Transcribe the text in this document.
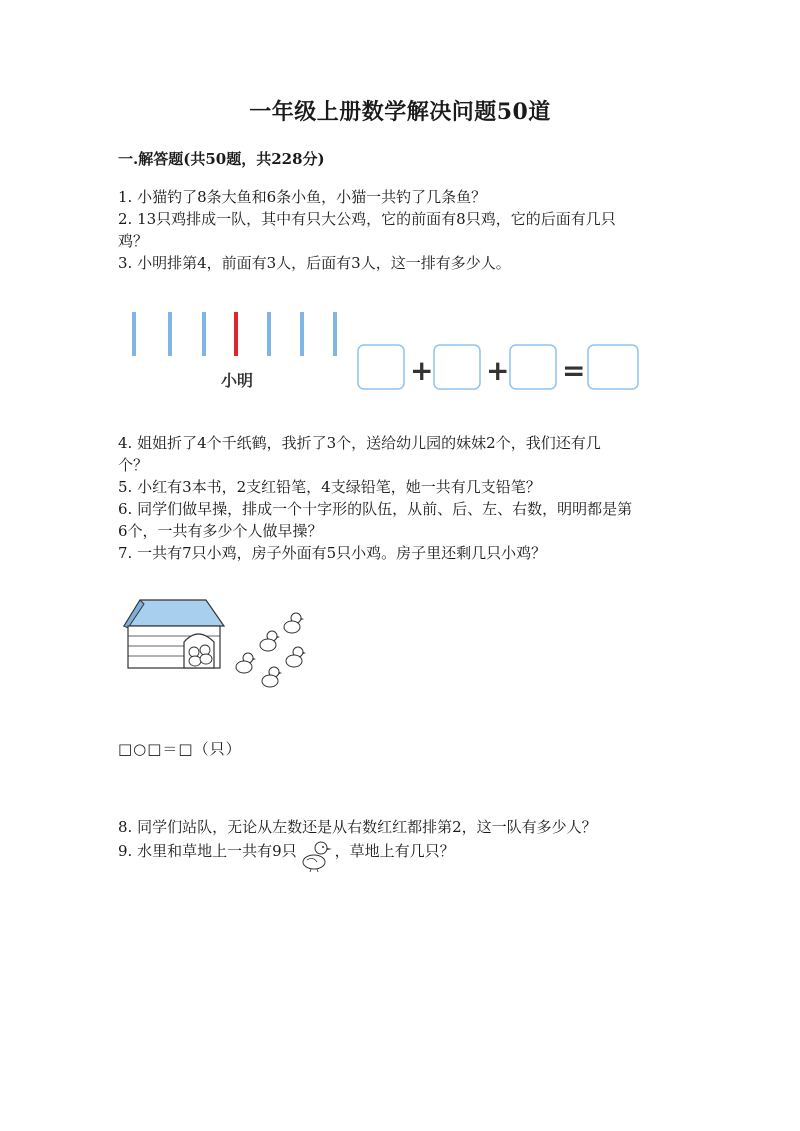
一年级上册数学解决问题50道
一.解答题(共50题，共228分)
1. 小猫钓了8条大鱼和6条小鱼，小猫一共钓了几条鱼？
2. 13只鸡排成一队，其中有只大公鸡，它的前面有8只鸡，它的后面有几只
鸡？
3. 小明排第4，前面有3人，后面有3人，这一排有多少人。
小明	+ + =
4. 姐姐折了4个千纸鹤，我折了3个，送给幼儿园的妹妹2个，我们还有几
个？
5. 小红有3本书，2支红铅笔，4支绿铅笔，她一共有几支铅笔？
6. 同学们做早操，排成一个十字形的队伍，从前、后、左、右数，明明都是第
6个，一共有多少个人做早操？
7. 一共有7只小鸡，房子外面有5只小鸡。房子里还剩几只小鸡？
□○□＝□（只）
8. 同学们站队，无论从左数还是从右数红红都排第2，这一队有多少人？
9. 水里和草地上一共有9只	，草地上有几只？
